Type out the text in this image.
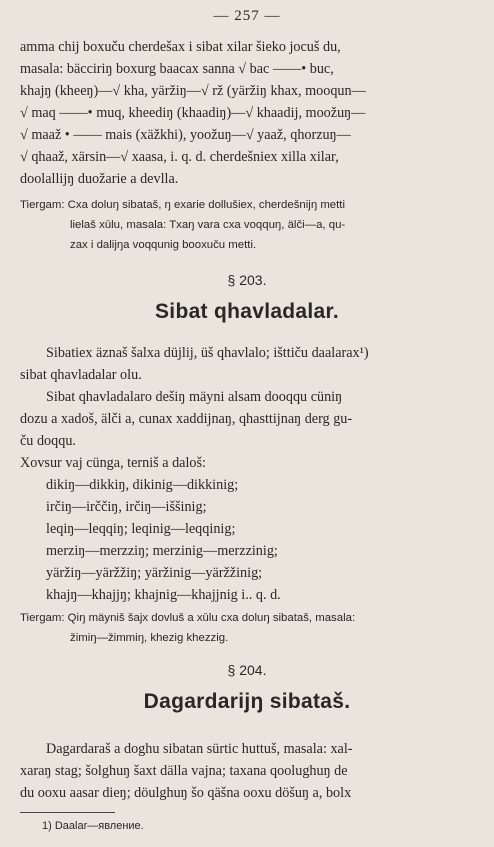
— 257 —
amma chij boxuču cherdešax i sibat xilar šieko jocuš du,
masala: bäcciriŋ boxurg baacax sanna √ bac ——• buc,
khajŋ (kheeŋ)—√ kha, yäržiŋ—√ rž (yäržiŋ khax, mooqun—
√ maq ——• muq, kheediŋ (khaadiŋ)—√ khaadij, moožuŋ—
√ maaž • —— mais (xäžkhi), yoožuŋ—√ yaaž, qhorzuŋ—
√ qhaaž, xärsin—√ xaasa, i. q. d. cherdešniex xilla xilar,
doolallijŋ duožarie a devlla.
Tiergam: Cxa doluŋ sibataš, ŋ exarie dollušieх, cherdešnijŋ metti
lielaš xūlu, masala: Txaŋ vara cxa voqquŋ, älči—a, qu-
zax i dalijŋa voqqunig booxuču metti.
§ 203.
Sibat qhavladalar.
Sibatiex äznaš šalxa düjlij, üš qhavlalo; išttiču daalarax¹)
sibat qhavladalar olu.
Sibat qhavladalaro dešiŋ mäyni alsam dooqqu cüniŋ
dozu a xadoš, älči a, cunax xaddijnaŋ, qhasttijnaŋ derg gu-
ču doqqu.
Xovsur vaj cünga, terniš a daloš:
dikiŋ—dikkiŋ, dikinig—dikkinig;
irčiŋ—irččiŋ, irčiŋ—iššinig;
leqiŋ—leqqiŋ; leqinig—leqqinig;
merziŋ—merzziŋ; merzinig—merzzinig;
yäržiŋ—yäržžiŋ; yäržinig—yäržžinig;
khajŋ—khajjŋ; khajnig—khajjnig i.. q. d.
Tiergam: Qiŋ mäyniš šajx dovluš a xūlu cxa doluŋ sibataš, masala:
žimiŋ—žimmiŋ, khezig khezzig.
§ 204.
Dagardarijŋ sibataš.
Dagardaraš a doghu sibatan sürtic huttuš, masala: xal-
xaraŋ stag; šolghuŋ šaxt dälla vajna; taxana qoolughuŋ de
du ooxu aasar dieŋ; döulghuŋ šo qäšna ooxu döšuŋ a, bolx
1) Daalar—явление.
